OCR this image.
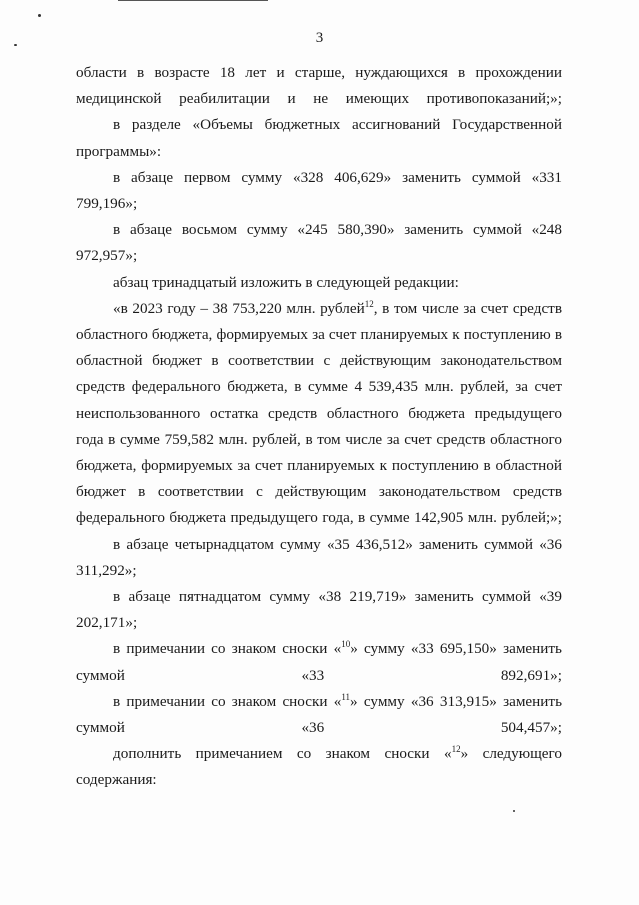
3

области в возрасте 18 лет и старше, нуждающихся в прохождении медицинской реабилитации и не имеющих противопоказаний;»;

в разделе «Объемы бюджетных ассигнований Государственной программы»:

в абзаце первом сумму «328 406,629» заменить суммой «331 799,196»;

в абзаце восьмом сумму «245 580,390» заменить суммой «248 972,957»;

абзац тринадцатый изложить в следующей редакции:

«в 2023 году – 38 753,220 млн. рублей$^{12}$, в том числе за счет средств областного бюджета, формируемых за счет планируемых к поступлению в областной бюджет в соответствии с действующим законодательством средств федерального бюджета, в сумме 4 539,435 млн. рублей, за счет неиспользованного остатка средств областного бюджета предыдущего года в сумме 759,582 млн. рублей, в том числе за счет средств областного бюджета, формируемых за счет планируемых к поступлению в областной бюджет в соответствии с действующим законодательством средств федерального бюджета предыдущего года, в сумме 142,905 млн. рублей;»;

в абзаце четырнадцатом сумму «35 436,512» заменить суммой «36 311,292»;

в абзаце пятнадцатом сумму «38 219,719» заменить суммой «39 202,171»;

в примечании со знаком сноски «$^{10}$» сумму «33 695,150» заменить суммой «33 892,691»;

в примечании со знаком сноски «$^{11}$» сумму «36 313,915» заменить суммой «36 504,457»;

дополнить примечанием со знаком сноски «$^{12}$» следующего содержания:
